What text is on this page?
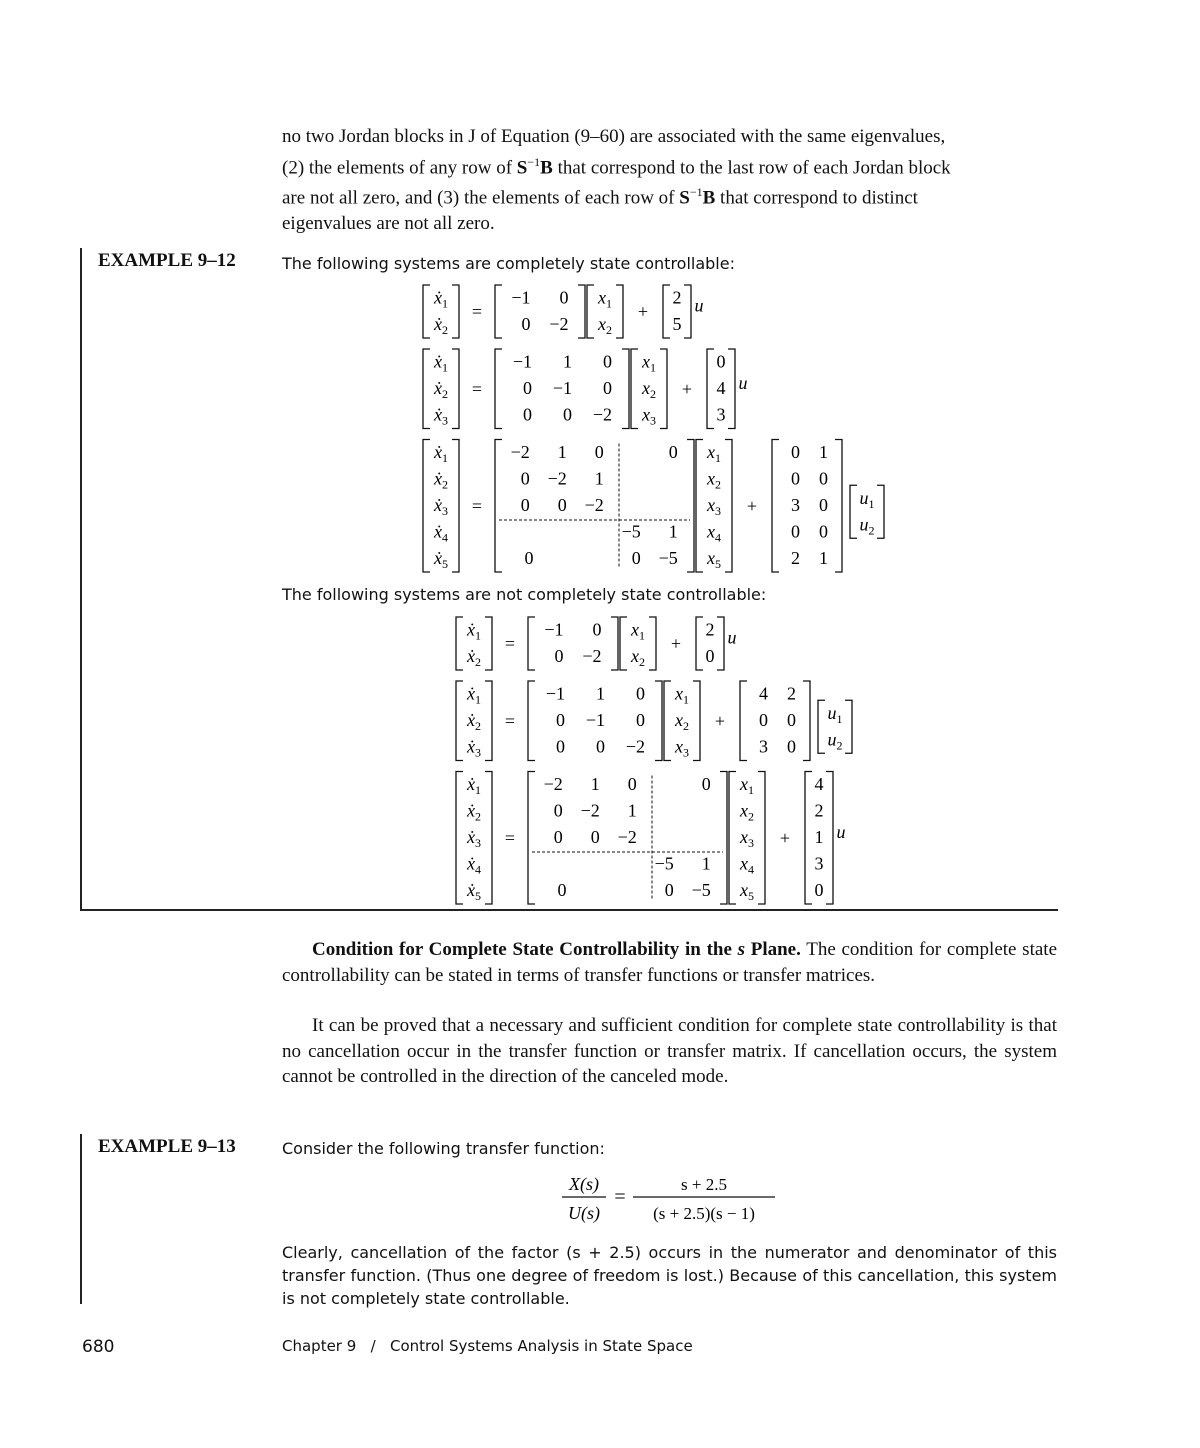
no two Jordan blocks in J of Equation (9–60) are associated with the same eigenvalues,
(2) the elements of any row of $S^{-1}B$ that correspond to the last row of each Jordan block
are not all zero, and (3) the elements of each row of $S^{-1}B$ that correspond to distinct
eigenvalues are not all zero.
EXAMPLE 9–12	The following systems are completely state controllable:
ẋ$_1$
ẋ$_2$
=
−1 0
0 −2
$x_1$
$x_2$
+
2
5
u
ẋ$_1$
ẋ$_2$
ẋ$_3$
=
−1 1 0
0 −1 0
0 0 −2
$x_1$
$x_2$
$x_3$
+
0
4
3
u
ẋ$_1$
ẋ$_2$
ẋ$_3$
ẋ$_4$
ẋ$_5$
=
−2 1 0
0 −2 1
0 0 −2
−5 1
0 −5
0
0
$x_1$
$x_2$
$x_3$
$x_4$
$x_5$
+
0 1
0 0
3 0
0 0
2 1
$u_1$
$u_2$
The following systems are not completely state controllable:
ẋ$_1$
ẋ$_2$
=
−1 0
0 −2
$x_1$
$x_2$
+
2
0
u
ẋ$_1$
ẋ$_2$
ẋ$_3$
=
−1 1 0
0 −1 0
0 0 −2
$x_1$
$x_2$
$x_3$
+
4 2
0 0
3 0
$u_1$
$u_2$
ẋ$_1$
ẋ$_2$
ẋ$_3$
ẋ$_4$
ẋ$_5$
=
−2 1 0
0 −2 1
0 0 −2
−5 1
0 −5
0
0
$x_1$
$x_2$
$x_3$
$x_4$
$x_5$
+
4
2
1
3
0
u
Condition for Complete State Controllability in the s Plane. The condition for complete state controllability can be stated in terms of transfer functions or transfer matrices.
It can be proved that a necessary and sufficient condition for complete state controllability is that no cancellation occur in the transfer function or transfer matrix. If cancellation occurs, the system cannot be controlled in the direction of the canceled mode.
EXAMPLE 9–13	Consider the following transfer function:
X(s)
U(s)
=
s + 2.5
(s + 2.5)(s − 1)
Clearly, cancellation of the factor (s + 2.5) occurs in the numerator and denominator of this transfer function. (Thus one degree of freedom is lost.) Because of this cancellation, this system is not completely state controllable.
680	Chapter 9 / Control Systems Analysis in State Space
